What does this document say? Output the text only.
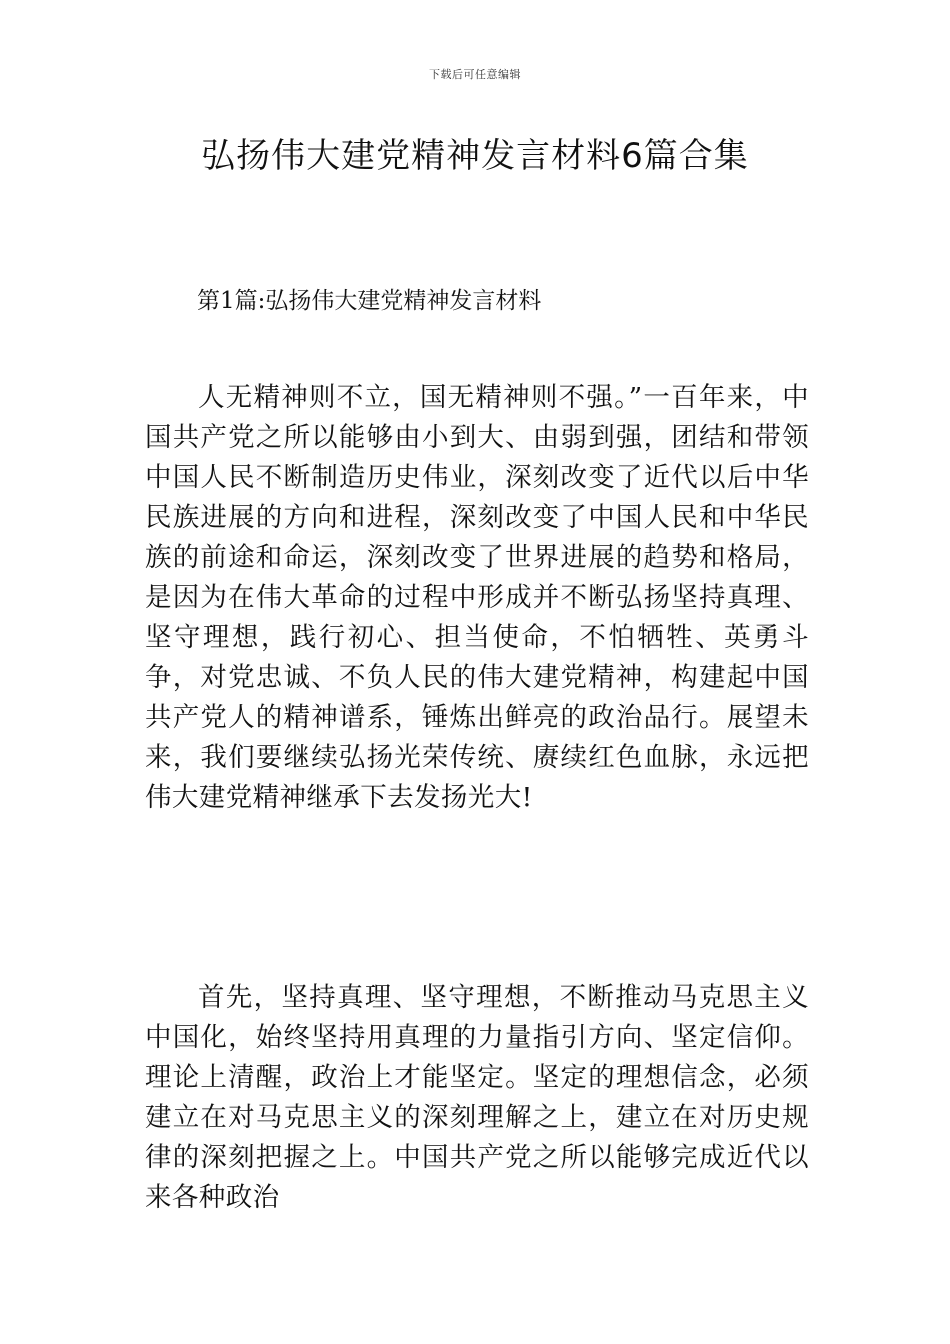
下载后可任意编辑
弘扬伟大建党精神发言材料6篇合集
第1篇:弘扬伟大建党精神发言材料

人无精神则不立，国无精神则不强。”一百年来，中国共产党之所以能够由小到大、由弱到强，团结和带领中国人民不断制造历史伟业，深刻改变了近代以后中华民族进展的方向和进程，深刻改变了中国人民和中华民族的前途和命运，深刻改变了世界进展的趋势和格局，是因为在伟大革命的过程中形成并不断弘扬坚持真理、坚守理想，践行初心、担当使命，不怕牺牲、英勇斗争，对党忠诚、不负人民的伟大建党精神，构建起中国共产党人的精神谱系，锤炼出鲜亮的政治品行。展望未来，我们要继续弘扬光荣传统、赓续红色血脉，永远把伟大建党精神继承下去发扬光大!

首先，坚持真理、坚守理想，不断推动马克思主义中国化，始终坚持用真理的力量指引方向、坚定信仰。理论上清醒，政治上才能坚定。坚定的理想信念，必须建立在对马克思主义的深刻理解之上，建立在对历史规律的深刻把握之上。中国共产党之所以能够完成近代以来各种政治
